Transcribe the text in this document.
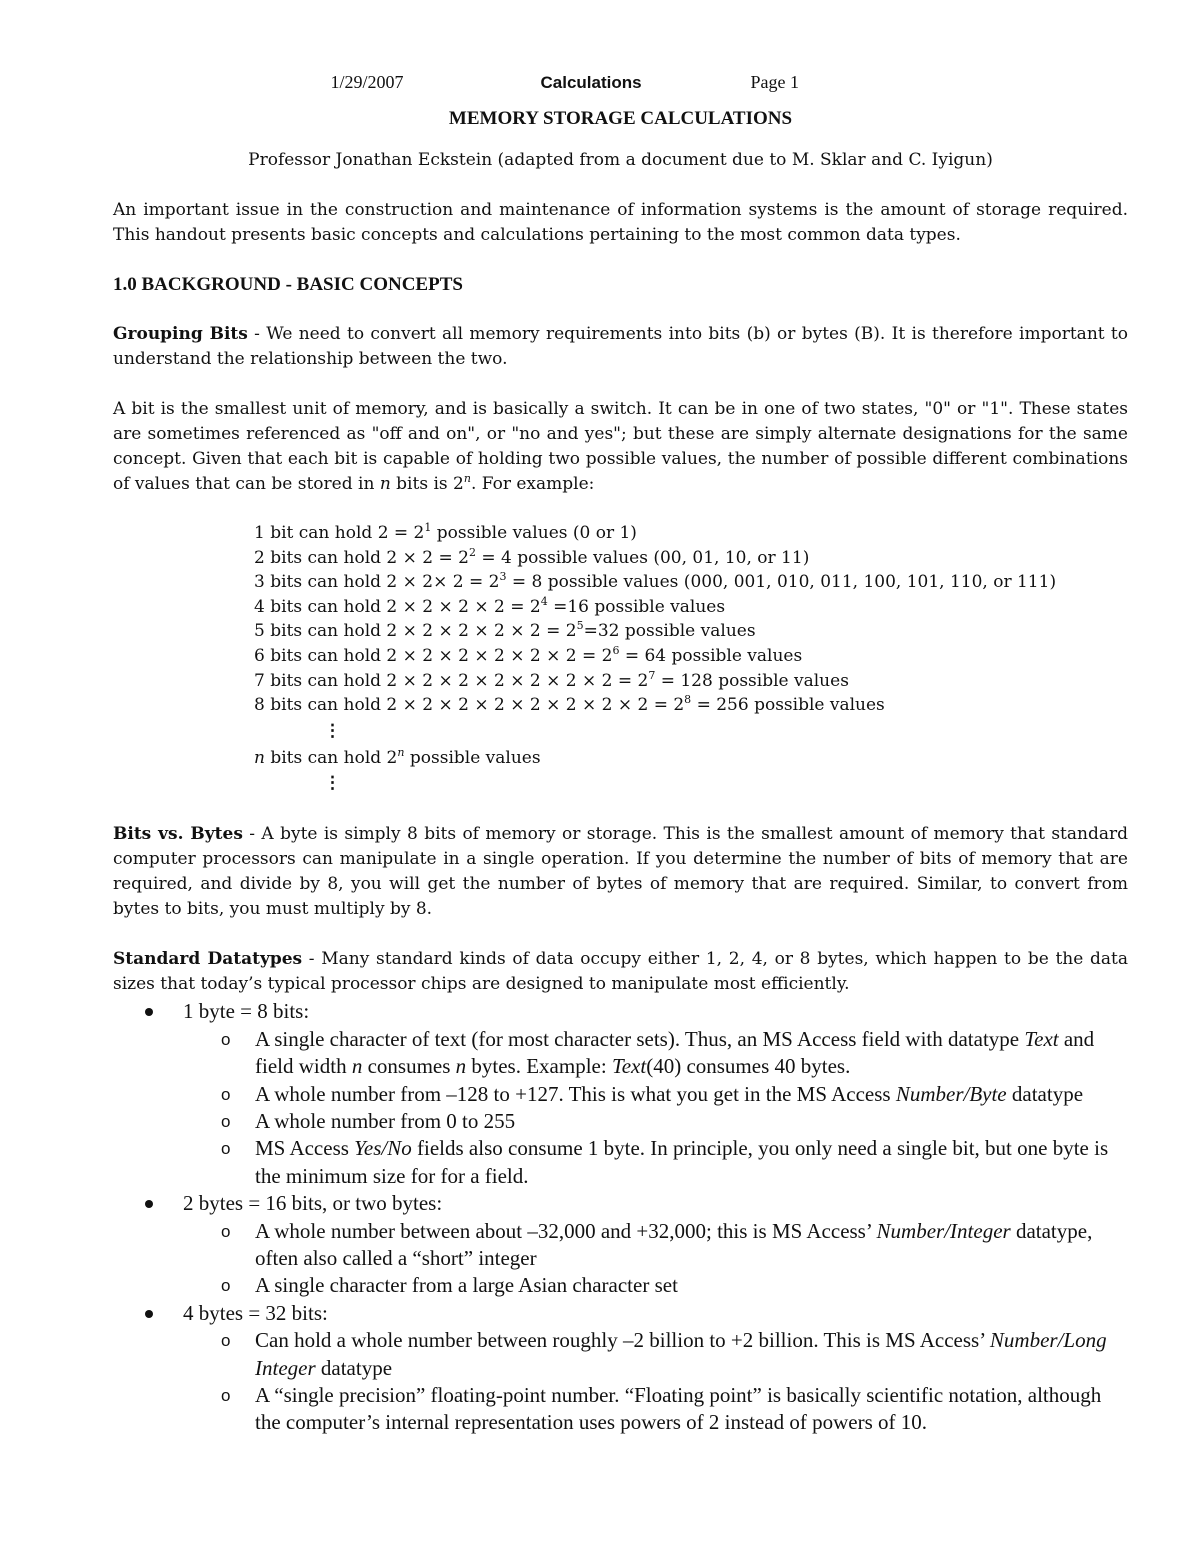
1/29/2007	Calculations	Page 1
MEMORY STORAGE CALCULATIONS
Professor Jonathan Eckstein (adapted from a document due to M. Sklar and C. Iyigun)

An important issue in the construction and maintenance of information systems is the amount of storage required. This handout presents basic concepts and calculations pertaining to the most common data types.

1.0 BACKGROUND - BASIC CONCEPTS

Grouping Bits - We need to convert all memory requirements into bits (b) or bytes (B). It is therefore important to understand the relationship between the two.

A bit is the smallest unit of memory, and is basically a switch. It can be in one of two states, "0" or "1". These states are sometimes referenced as "off and on", or "no and yes"; but these are simply alternate designations for the same concept. Given that each bit is capable of holding two possible values, the number of possible different combinations of values that can be stored in n bits is 2$^n$. For example:

1 bit can hold $2 = 2^1$ possible values (0 or 1)
2 bits can hold $2 \times 2 = 2^2 = 4$ possible values (00, 01, 10, or 11)
3 bits can hold $2 \times 2\times 2 = 2^3 = 8$ possible values (000, 001, 010, 011, 100, 101, 110, or 111)
4 bits can hold $2 \times 2 \times 2 \times 2 = 2^4 =16$ possible values
5 bits can hold $2 \times 2 \times 2 \times 2 \times 2 = 2^5=32$ possible values
6 bits can hold $2 \times 2 \times 2 \times 2 \times 2 \times 2 = 2^6 = 64$ possible values
7 bits can hold $2 \times 2 \times 2 \times 2 \times 2 \times 2 \times 2 = 2^7 = 128$ possible values
8 bits can hold $2 \times 2 \times 2 \times 2 \times 2 \times 2 \times 2 \times 2 = 2^8 = 256$ possible values
⋮
n bits can hold 2$^n$ possible values
⋮

Bits vs. Bytes - A byte is simply 8 bits of memory or storage. This is the smallest amount of memory that standard computer processors can manipulate in a single operation. If you determine the number of bits of memory that are required, and divide by 8, you will get the number of bytes of memory that are required. Similar, to convert from bytes to bits, you must multiply by 8.

Standard Datatypes - Many standard kinds of data occupy either 1, 2, 4, or 8 bytes, which happen to be the data sizes that today’s typical processor chips are designed to manipulate most efficiently.

1 byte = 8 bits:
o A single character of text (for most character sets). Thus, an MS Access field with datatype Text and field width n consumes n bytes. Example: Text(40) consumes 40 bytes.
o A whole number from –128 to +127. This is what you get in the MS Access Number/Byte datatype
o A whole number from 0 to 255
o MS Access Yes/No fields also consume 1 byte. In principle, you only need a single bit, but one byte is the minimum size for for a field.
2 bytes = 16 bits, or two bytes:
o A whole number between about –32,000 and +32,000; this is MS Access’ Number/Integer datatype, often also called a “short” integer
o A single character from a large Asian character set
4 bytes = 32 bits:
o Can hold a whole number between roughly –2 billion to +2 billion. This is MS Access’ Number/Long Integer datatype
o A “single precision” floating-point number. “Floating point” is basically scientific notation, although the computer’s internal representation uses powers of 2 instead of powers of 10.
